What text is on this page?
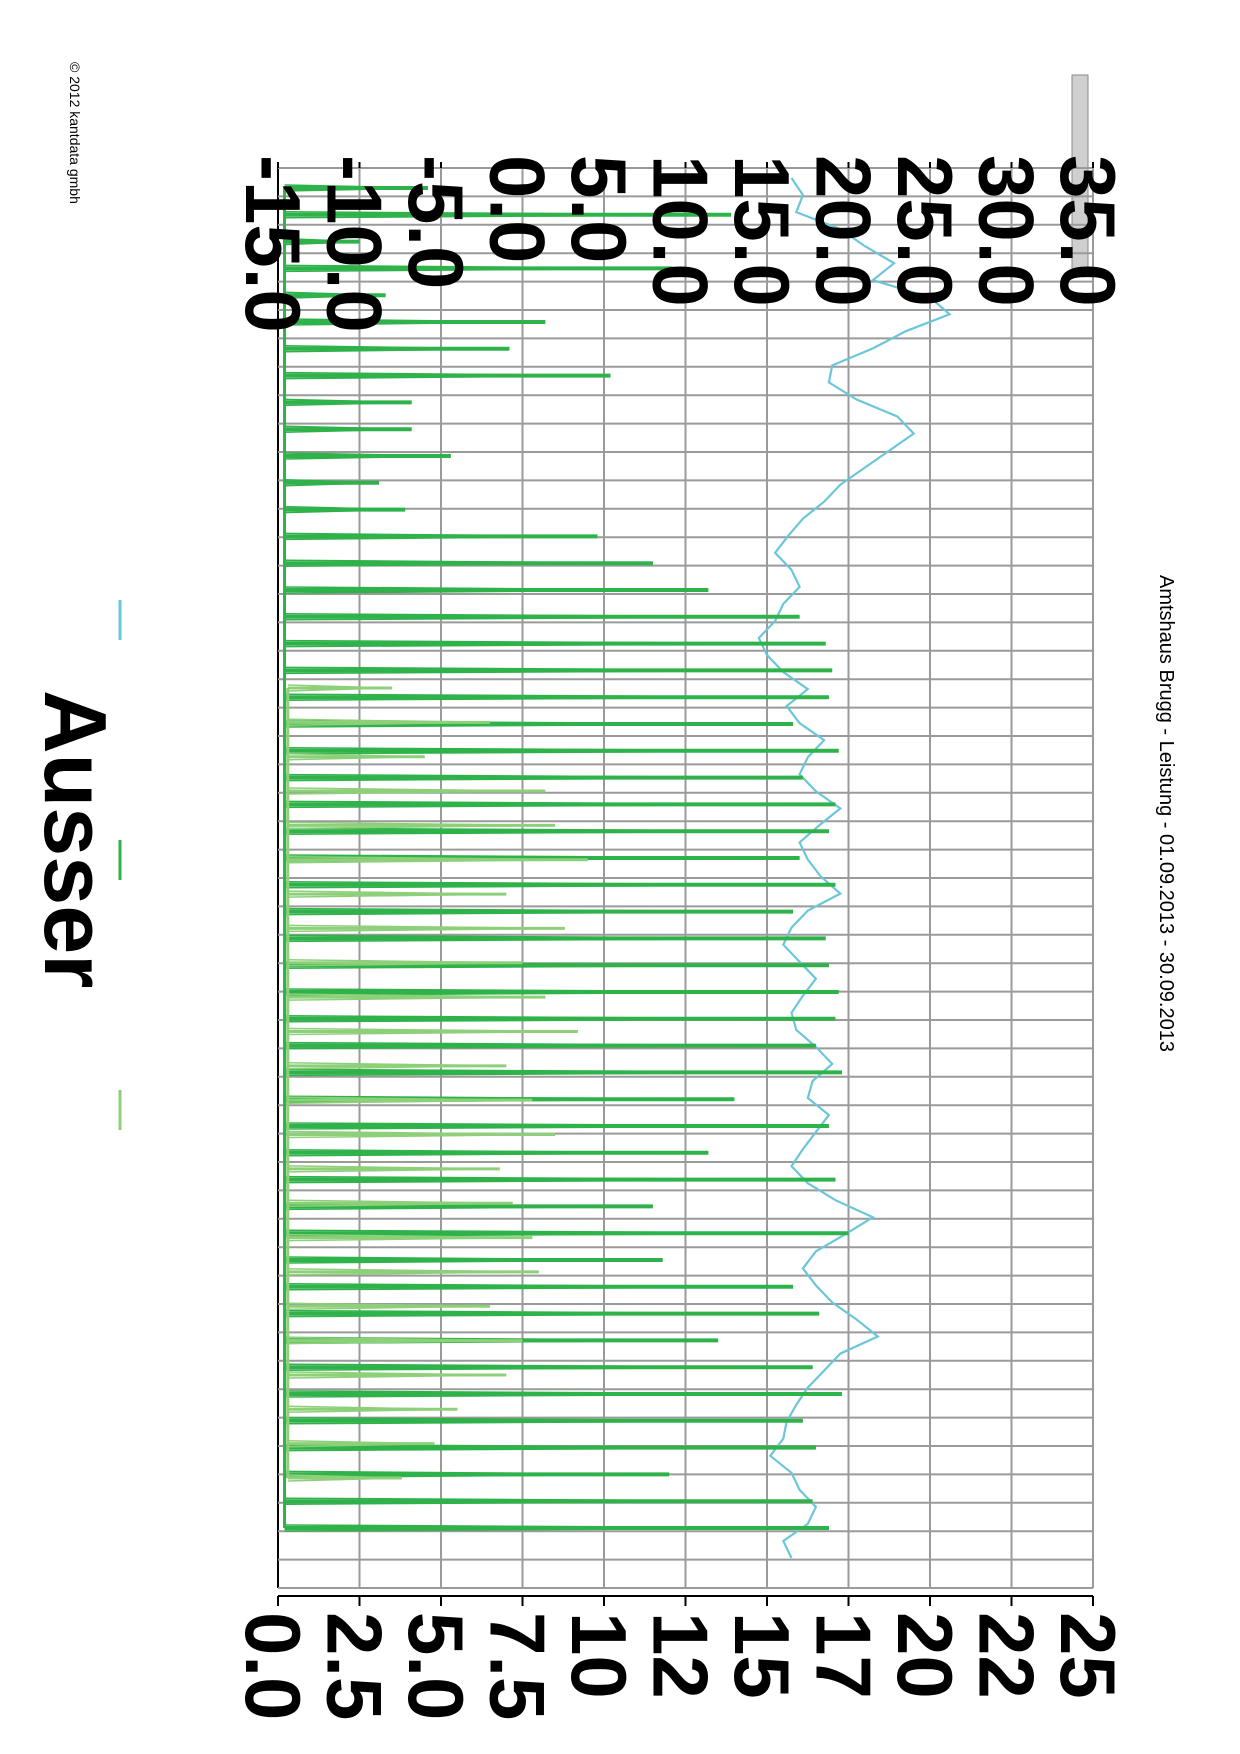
Amtshaus Brugg - Leistung - 01.09.2013 - 30.09.2013
© 2012 kantdata gmbh
-15.0
-10.0
-5.0
0.0
5.0
10.0
15.0
20.0
25.0
30.0
35.0
0.0
2.5
5.0
7.5
10
12
15
17
20
22
25
Ausser
